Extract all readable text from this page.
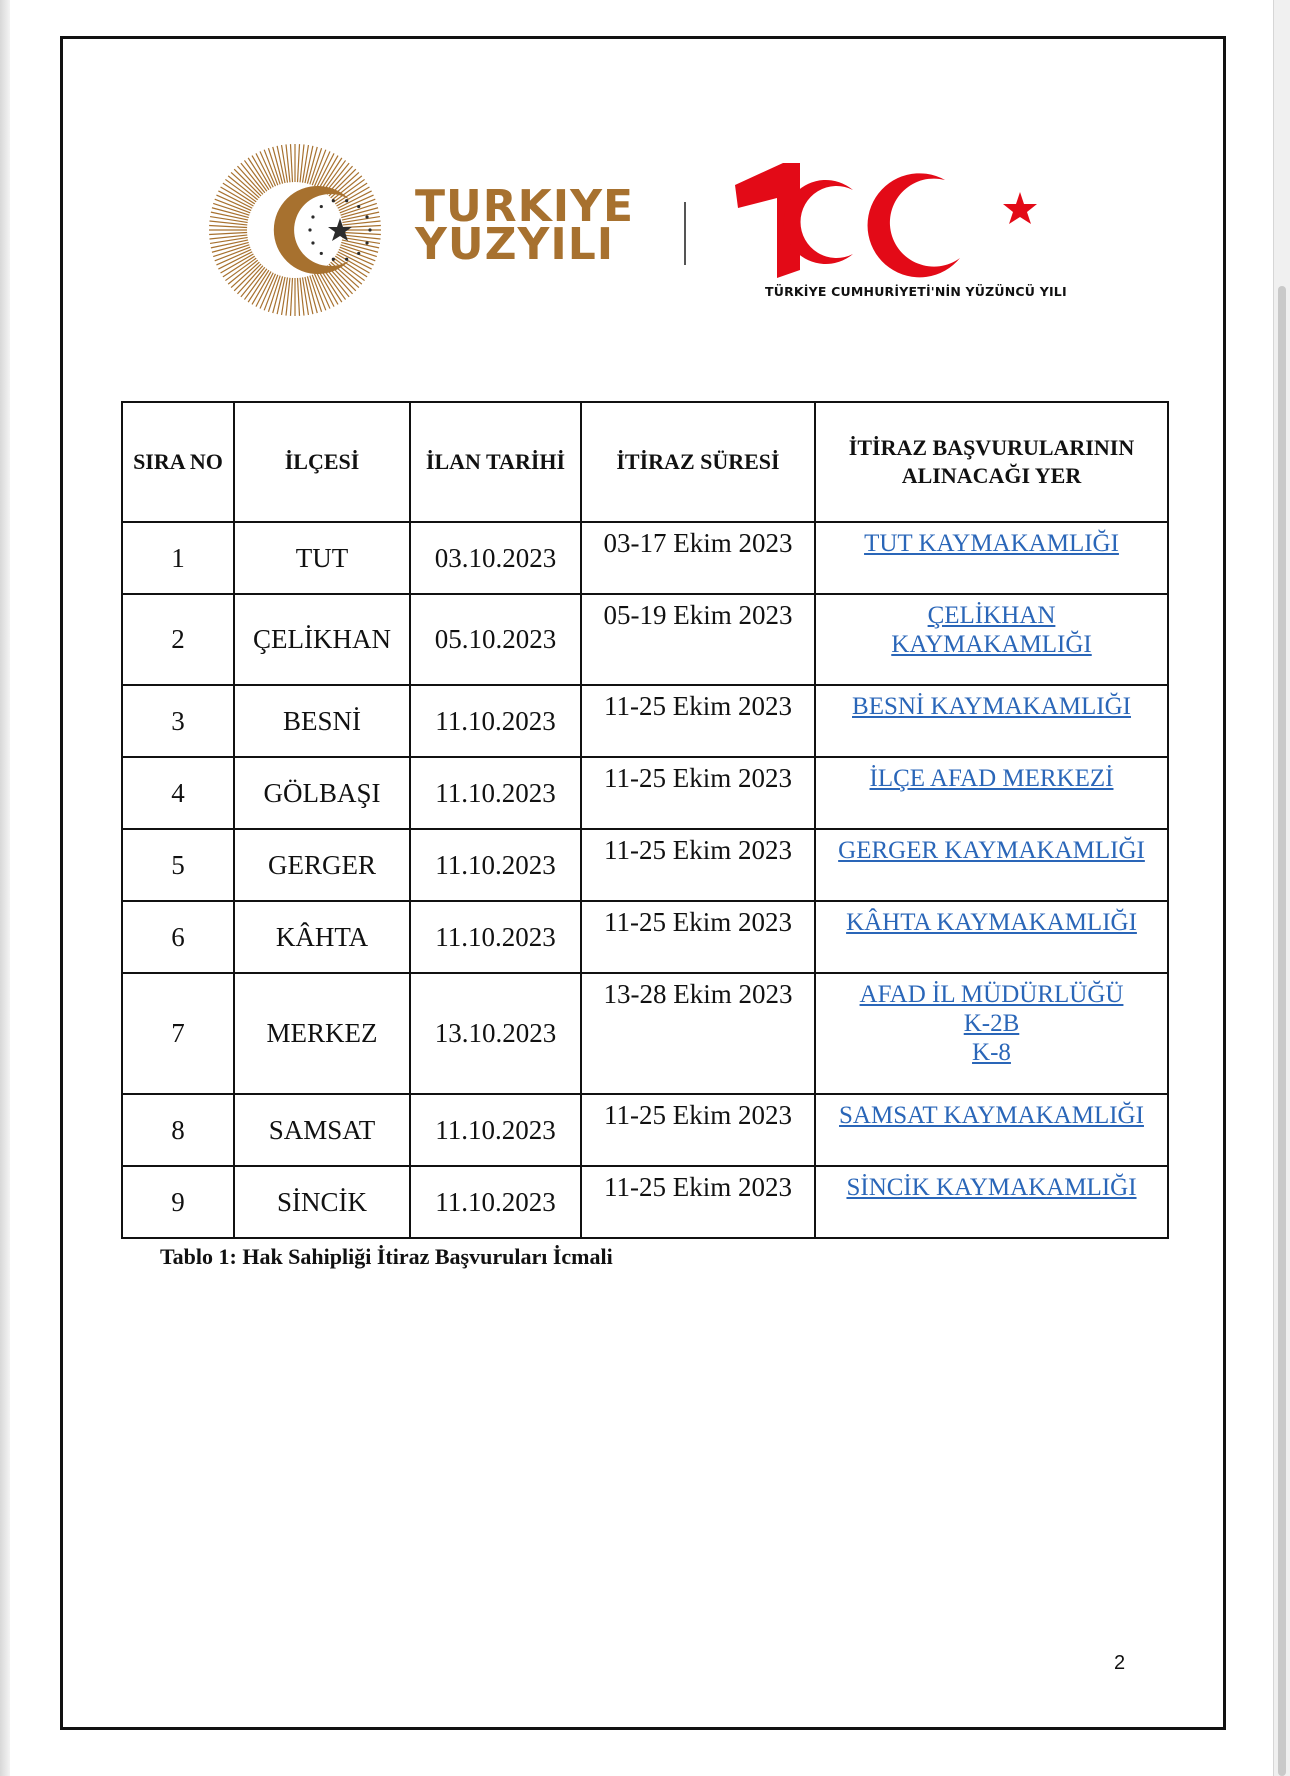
TURKIYE
YUZYILI
TÜRKİYE CUMHURİYETİ'NİN YÜZÜNCÜ YILI
SIRA NO	İLÇESİ	İLAN TARİHİ	İTİRAZ SÜRESİ	İTİRAZ BAŞVURULARININ ALINACAĞI YER
1	TUT	03.10.2023	03-17 Ekim 2023	TUT KAYMAKAMLIĞI

2	ÇELİKHAN	05.10.2023	05-19 Ekim 2023	ÇELİKHAN
KAYMAKAMLIĞI

3	BESNİ	11.10.2023	11-25 Ekim 2023	BESNİ KAYMAKAMLIĞI

4	GÖLBAŞI	11.10.2023	11-25 Ekim 2023	İLÇE AFAD MERKEZİ

5	GERGER	11.10.2023	11-25 Ekim 2023	GERGER KAYMAKAMLIĞI

6	KÂHTA	11.10.2023	11-25 Ekim 2023	KÂHTA KAYMAKAMLIĞI

7	MERKEZ	13.10.2023	13-28 Ekim 2023	AFAD İL MÜDÜRLÜĞÜ
K-2B
K-8

8	SAMSAT	11.10.2023	11-25 Ekim 2023	SAMSAT KAYMAKAMLIĞI

9	SİNCİK	11.10.2023	11-25 Ekim 2023	SİNCİK KAYMAKAMLIĞI
Tablo 1: Hak Sahipliği İtiraz Başvuruları İcmali
2
